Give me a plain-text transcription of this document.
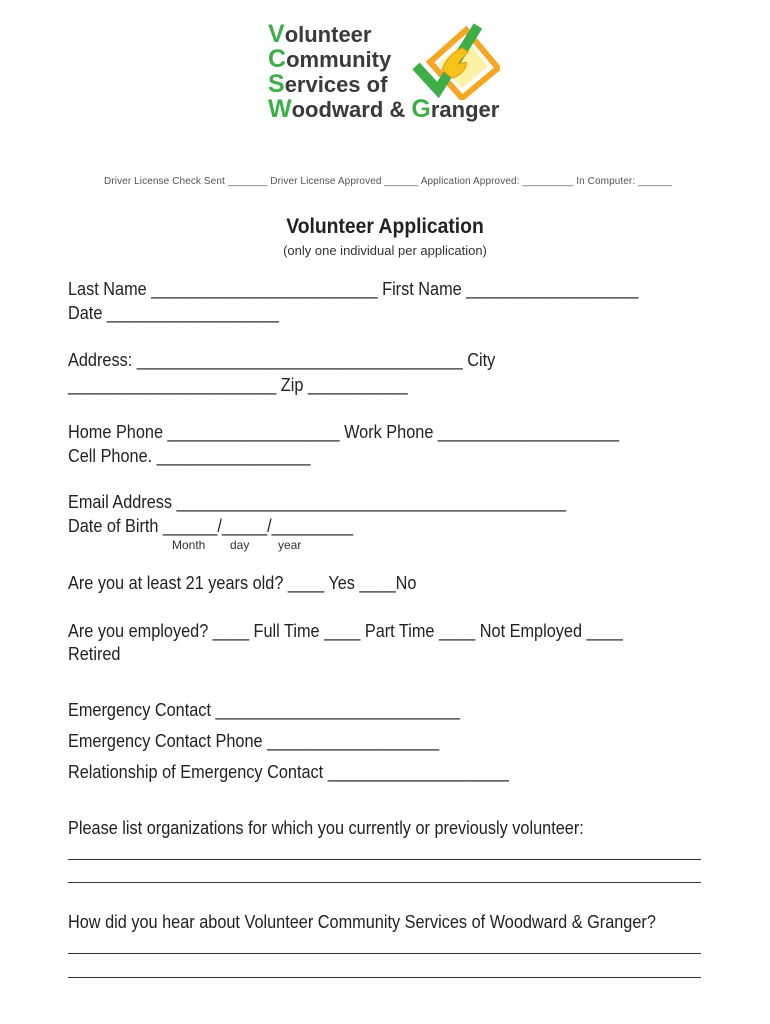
Volunteer
Community
Services of
Woodward & Granger
Driver License Check Sent _______ Driver License Approved ______ Application Approved: _________ In Computer: ______
Volunteer Application
(only one individual per application)
Last Name _________________________ First Name ___________________
Date ___________________
Address: ____________________________________ City
_______________________ Zip ___________
Home Phone ___________________ Work Phone ____________________
Cell Phone. _________________
Email Address ___________________________________________
Date of Birth ______/_____/_________
Month day year
Are you at least 21 years old? ____ Yes ____No
Are you employed? ____ Full Time ____ Part Time ____ Not Employed ____
Retired
Emergency Contact ___________________________
Emergency Contact Phone ___________________
Relationship of Emergency Contact ____________________
Please list organizations for which you currently or previously volunteer:
How did you hear about Volunteer Community Services of Woodward & Granger?
